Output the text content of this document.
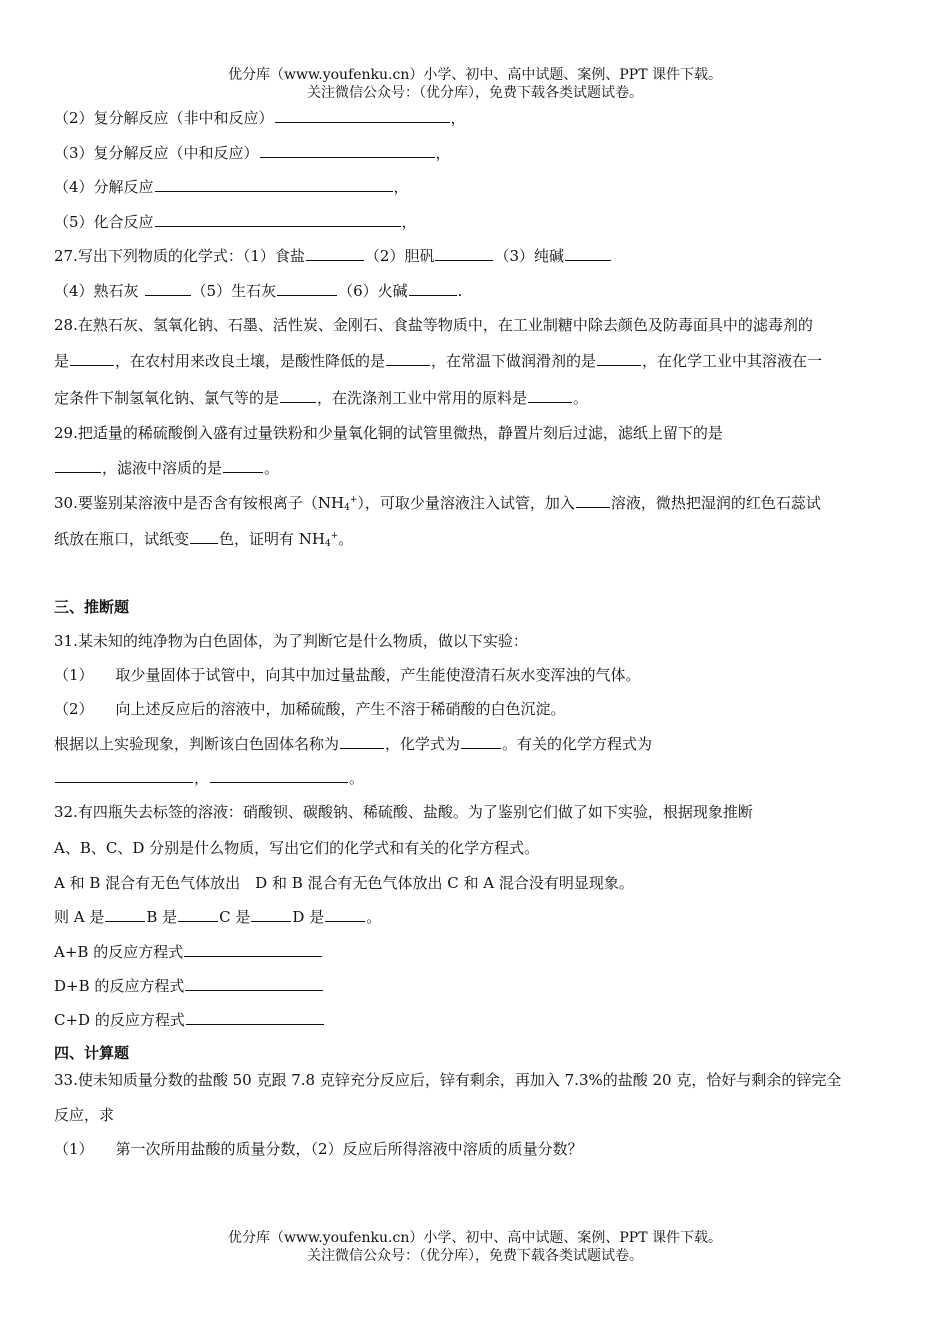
优分库（www.youfenku.cn）小学、初中、高中试题、案例、PPT 课件下载。
关注微信公众号：（优分库），免费下载各类试题试卷。
（2）复分解反应（非中和反应）	，
（3）复分解反应（中和反应）	，
（4）分解反应	，
（5）化合反应	，
27.写出下列物质的化学式：（1）食盐	（2）胆矾	（3）纯碱
（4）熟石灰	（5）生石灰	（6）火碱	.
28.在熟石灰、氢氧化钠、石墨、活性炭、金刚石、食盐等物质中，在工业制糖中除去颜色及防毒面具中的滤毒剂的
是	，在农村用来改良土壤，是酸性降低的是	，在常温下做润滑剂的是	，在化学工业中其溶液在一
定条件下制氢氧化钠、氯气等的是	，在洗涤剂工业中常用的原料是	。
29.把适量的稀硫酸倒入盛有过量铁粉和少量氧化铜的试管里微热，静置片刻后过滤，滤纸上留下的是
，滤液中溶质的是	。
30.要鉴别某溶液中是否含有铵根离子$(NH_4^+)$，可取少量溶液注入试管，加入 溶液，微热把湿润的红色石蕊试
纸放在瓶口，试纸变 色，证明有 $NH_4^+$。
三、推断题
31.某未知的纯净物为白色固体，为了判断它是什么物质，做以下实验：
（1） 取少量固体于试管中，向其中加过量盐酸，产生能使澄清石灰水变浑浊的气体。
（2） 向上述反应后的溶液中，加稀硫酸，产生不溶于稀硝酸的白色沉淀。
根据以上实验现象，判断该白色固体名称为	，化学式为	。有关的化学方程式为
，	。
32.有四瓶失去标签的溶液：硝酸钡、碳酸钠、稀硫酸、盐酸。为了鉴别它们做了如下实验，根据现象推断
A、B、C、D 分别是什么物质，写出它们的化学式和有关的化学方程式。
A 和 B 混合有无色气体放出　D 和 B 混合有无色气体放出 C 和 A 混合没有明显现象。
则 A 是	B 是	C 是	D 是	。
A+B 的反应方程式
D+B 的反应方程式
C+D 的反应方程式
四、计算题
33.使未知质量分数的盐酸 50 克跟 7.8 克锌充分反应后，锌有剩余，再加入 7.3%的盐酸 20 克，恰好与剩余的锌完全
反应，求
（1） 第一次所用盐酸的质量分数，（2）反应后所得溶液中溶质的质量分数？
优分库（www.youfenku.cn）小学、初中、高中试题、案例、PPT 课件下载。
关注微信公众号：（优分库），免费下载各类试题试卷。
